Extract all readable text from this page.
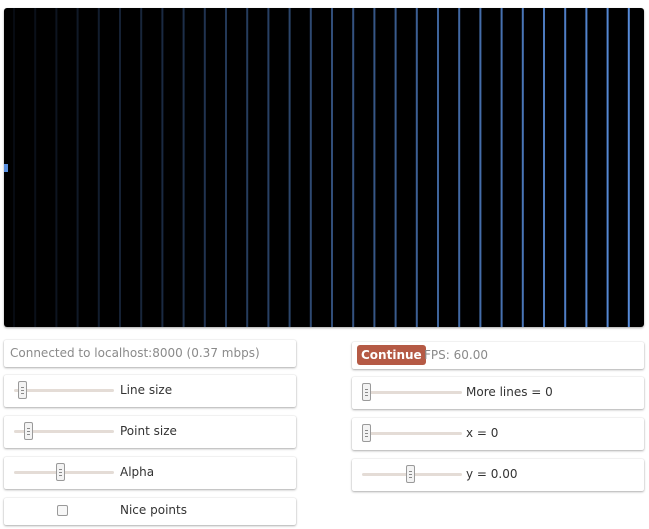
Connected to localhost:8000 (0.37 mbps)
Line size
Point size
Alpha
Nice points
Continue FPS: 60.00
More lines = 0
x = 0
y = 0.00
